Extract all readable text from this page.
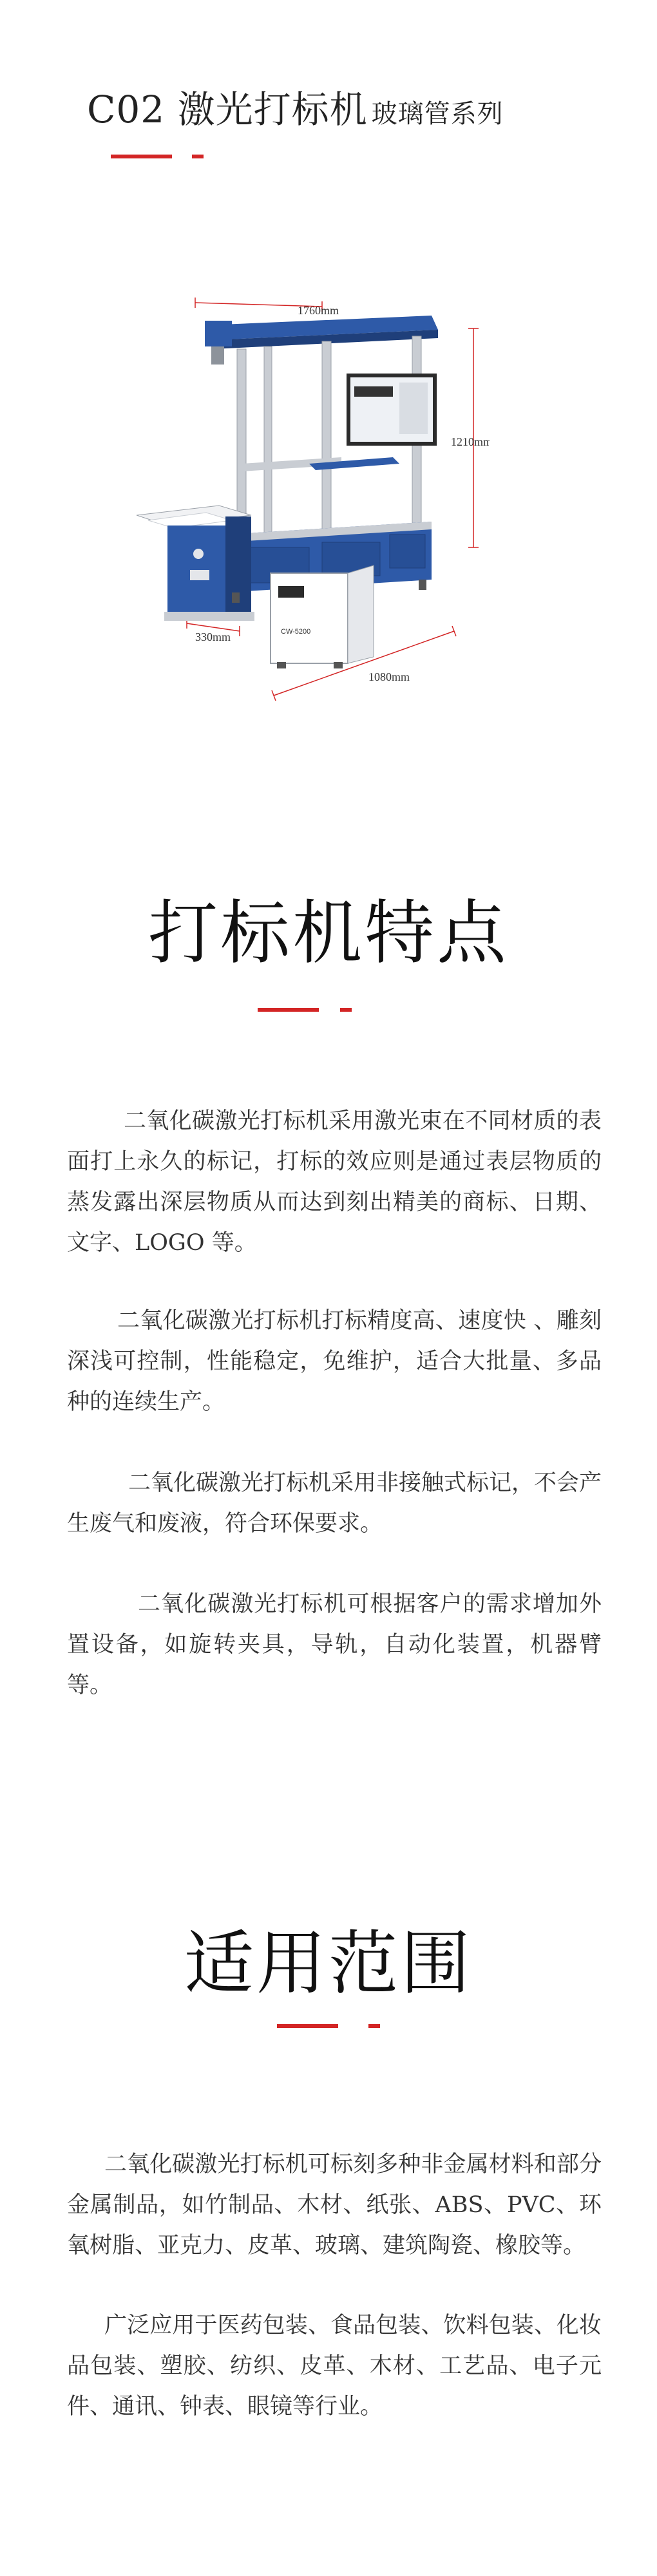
C02 激光打标机 玻璃管系列
1760mm
1210mm
330mm
1080mm
CW-5200
打标机特点

二氧化碳激光打标机采用激光束在不同材质的表面打上永久的标记，打标的效应则是通过表层物质的蒸发露出深层物质从而达到刻出精美的商标、日期、文字、LOGO 等。

二氧化碳激光打标机打标精度高、速度快 、雕刻深浅可控制，性能稳定，免维护，适合大批量、多品种的连续生产。

二氧化碳激光打标机采用非接触式标记，不会产生废气和废液，符合环保要求。

二氧化碳激光打标机可根据客户的需求增加外置设备，如旋转夹具，导轨，自动化装置，机器臂等。

适用范围

二氧化碳激光打标机可标刻多种非金属材料和部分金属制品，如竹制品、木材、纸张、ABS、PVC、环氧树脂、亚克力、皮革、玻璃、建筑陶瓷、橡胶等。

广泛应用于医药包装、食品包装、饮料包装、化妆品包装、塑胶、纺织、皮革、木材、工艺品、电子元件、通讯、钟表、眼镜等行业。
